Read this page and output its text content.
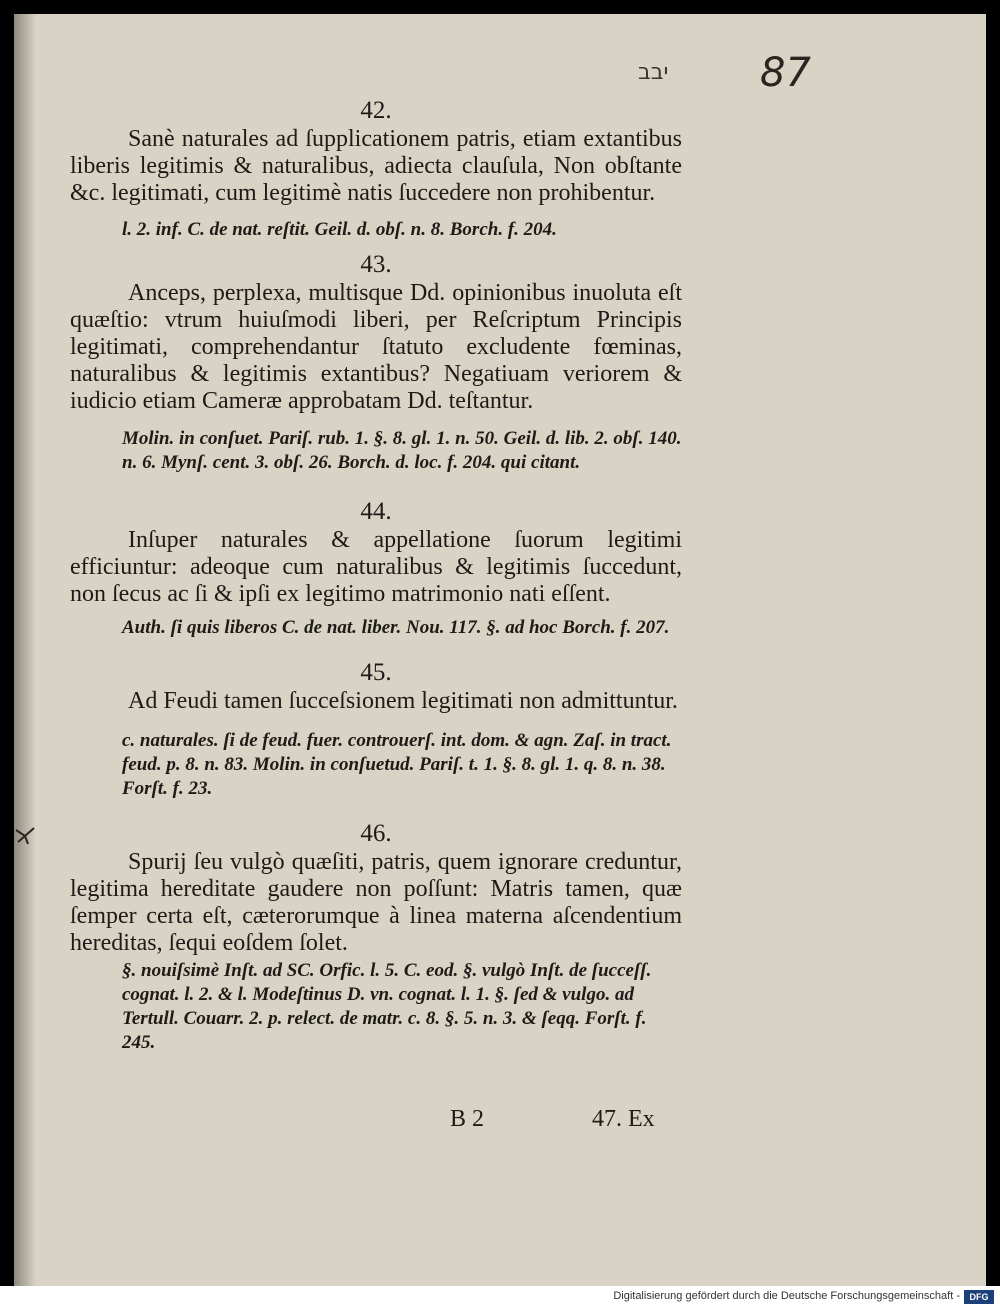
יבב 87

42.

Sanè naturales ad ſupplicationem patris, etiam extantibus liberis legitimis & naturalibus, adiecta clauſula, Non obſtante &c. legitimati, cum legitimè natis ſuccedere non prohibentur.

l. 2. inf. C. de nat. reſtit. Geil. d. obſ. n. 8. Borch. f. 204.

43.

Anceps, perplexa, multisque Dd. opinionibus inuoluta eſt quæſtio: vtrum huiuſmodi liberi, per Reſcriptum Principis legitimati, comprehendantur ſtatuto excludente fœminas, naturalibus & legitimis extantibus? Negatiuam veriorem & iudicio etiam Cameræ approbatam Dd. teſtantur.

Molin. in conſuet. Pariſ. rub. 1. §. 8. gl. 1. n. 50. Geil. d. lib. 2. obſ. 140. n. 6. Mynſ. cent. 3. obſ. 26. Borch. d. loc. f. 204. qui citant.

44.

Inſuper naturales & appellatione ſuorum legitimi efficiuntur: adeoque cum naturalibus & legitimis ſuccedunt, non ſecus ac ſi & ipſi ex legitimo matrimonio nati eſſent.

Auth. ſi quis liberos C. de nat. liber. Nou. 117. §. ad hoc Borch. f. 207.

45.

Ad Feudi tamen ſucceſsionem legitimati non admittuntur.

c. naturales. ſi de feud. fuer. controuerſ. int. dom. & agn. Zaſ. in tract. feud. p. 8. n. 83. Molin. in conſuetud. Pariſ. t. 1. §. 8. gl. 1. q. 8. n. 38. Forſt. f. 23.

46.

Spurij ſeu vulgò quæſiti, patris, quem ignorare creduntur, legitima hereditate gaudere non poſſunt: Matris tamen, quæ ſemper certa eſt, cæterorumque à linea materna aſcendentium hereditas, ſequi eoſdem ſolet.

§. nouiſsimè Inſt. ad SC. Orfic. l. 5. C. eod. §. vulgò Inſt. de ſucceſſ. cognat. l. 2. & l. Modeſtinus D. vn. cognat. l. 1. §. ſed & vulgo. ad Tertull. Couarr. 2. p. relect. de matr. c. 8. §. 5. n. 3. & ſeqq. Forſt. f. 245.

B 2	47. Ex
Digitalisierung gefördert durch die Deutsche Forschungsgemeinschaft -	DFG
